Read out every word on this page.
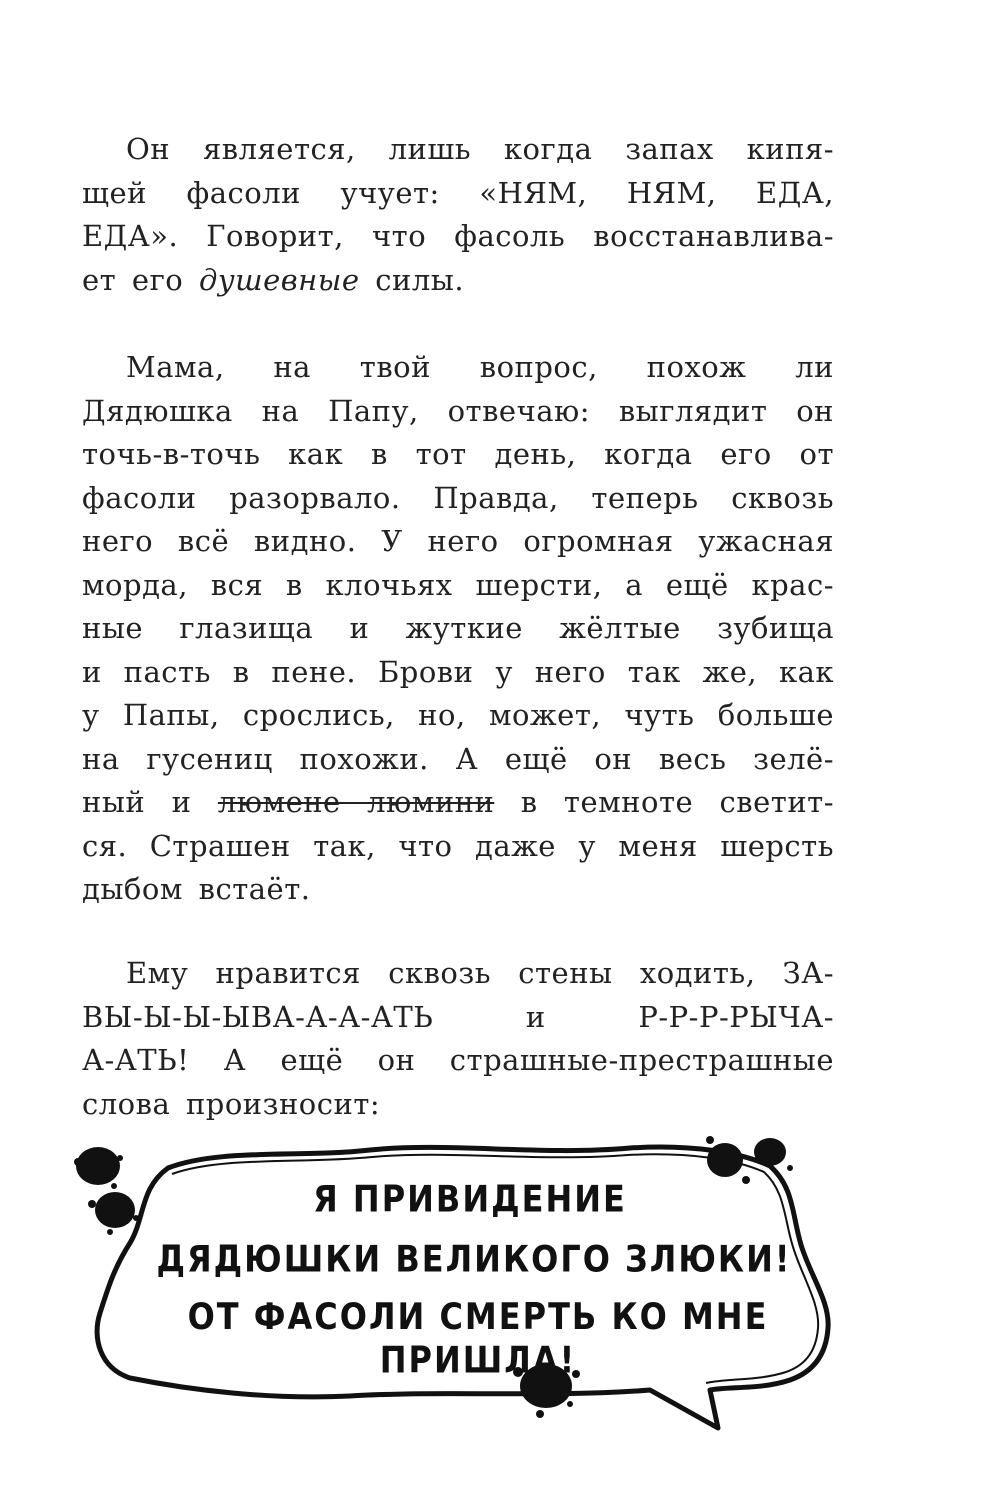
Он является, лишь когда запах кипя-
щей фасоли учует: «НЯМ, НЯМ, ЕДА,
ЕДА». Говорит, что фасоль восстанавлива-
ет его душевные силы.
Мама, на твой вопрос, похож ли
Дядюшка на Папу, отвечаю: выглядит он
точь-в-точь как в тот день, когда его от
фасоли разорвало. Правда, теперь сквозь
него всё видно. У него огромная ужасная
морда, вся в клочьях шерсти, а ещё крас-
ные глазища и жуткие жёлтые зубища
и пасть в пене. Брови у него так же, как
у Папы, срослись, но, может, чуть больше
на гусениц похожи. А ещё он весь зелё-
ный и люмене люмини в темноте светит-
ся. Страшен так, что даже у меня шерсть
дыбом встаёт.
Ему нравится сквозь стены ходить, ЗА-
ВЫ-Ы-Ы-ЫВА-А-А-АТЬ и Р-Р-Р-РЫЧА-
А-АТЬ! А ещё он страшные-престрашные
слова произносит:
Я ПРИВИДЕНИЕ
ДЯДЮШКИ ВЕЛИКОГО ЗЛЮКИ!
ОТ ФАСОЛИ СМЕРТЬ КО МНЕ ПРИШЛА!
